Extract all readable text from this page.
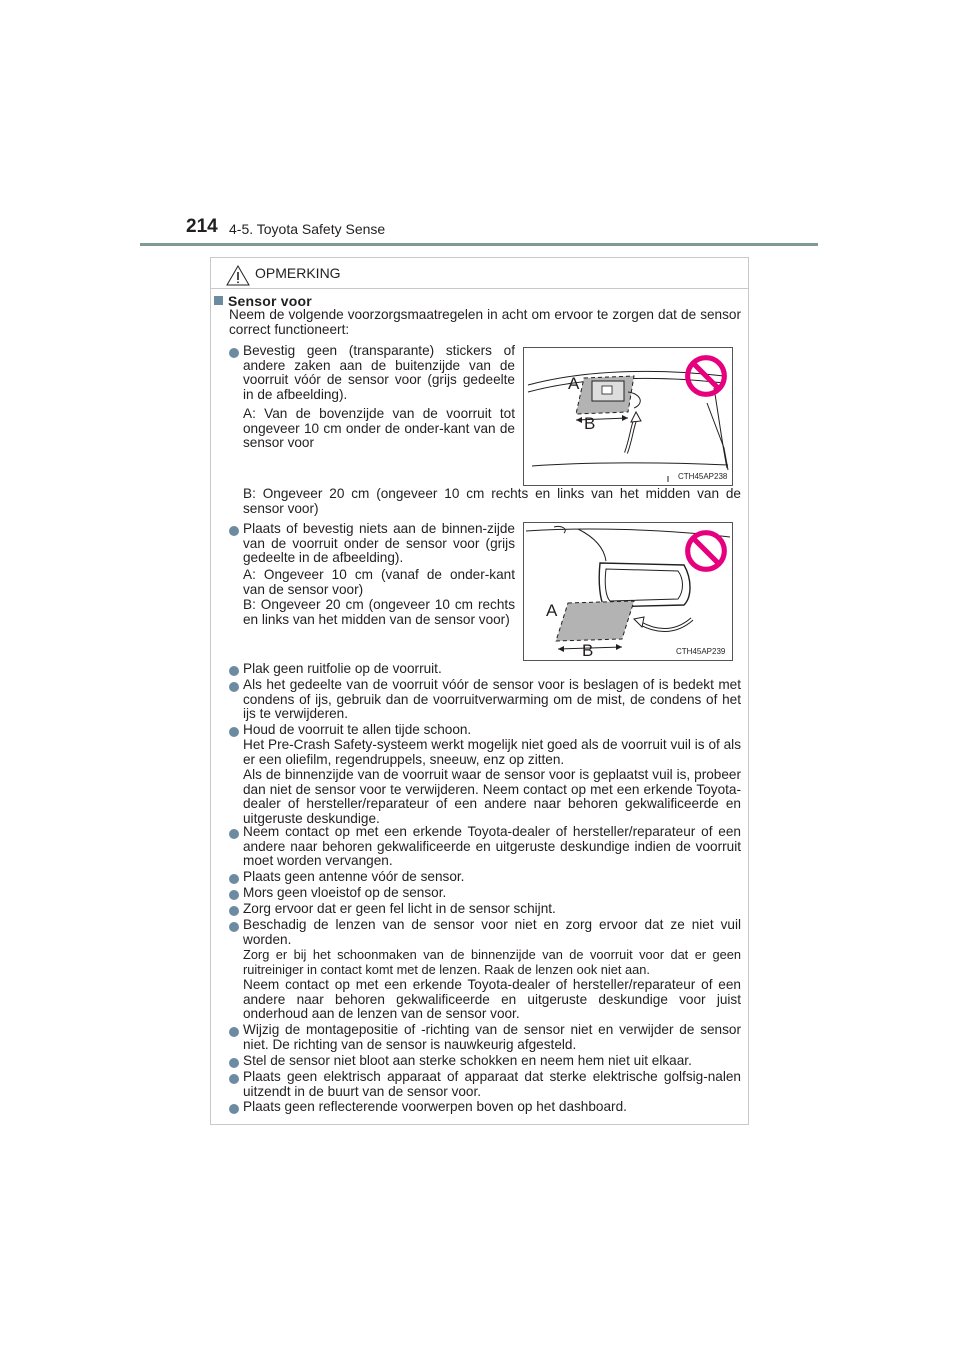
214 4-5. Toyota Safety Sense
OPMERKING
Sensor voor
Neem de volgende voorzorgsmaatregelen in acht om ervoor te zorgen dat de sensor correct functioneert:
Bevestig geen (transparante) stickers of andere zaken aan de buitenzijde van de voorruit vóór de sensor voor (grijs gedeelte in de afbeelding).
A: Van de bovenzijde van de voorruit tot ongeveer 10 cm onder de onder-kant van de sensor voor
A
B
CTH45AP238
B: Ongeveer 20 cm (ongeveer 10 cm rechts en links van het midden van de sensor voor)
Plaats of bevestig niets aan de binnen-zijde van de voorruit onder de sensor voor (grijs gedeelte in de afbeelding).
A: Ongeveer 10 cm (vanaf de onder-kant van de sensor voor)
B: Ongeveer 20 cm (ongeveer 10 cm rechts en links van het midden van de sensor voor)	A
B	CTH45AP239
Plak geen ruitfolie op de voorruit.
Als het gedeelte van de voorruit vóór de sensor voor is beslagen of is bedekt met condens of ijs, gebruik dan de voorruitverwarming om de mist, de condens of het ijs te verwijderen.
Houd de voorruit te allen tijde schoon.
Het Pre-Crash Safety-systeem werkt mogelijk niet goed als de voorruit vuil is of als er een oliefilm, regendruppels, sneeuw, enz op zitten.
Als de binnenzijde van de voorruit waar de sensor voor is geplaatst vuil is, probeer dan niet de sensor voor te verwijderen. Neem contact op met een erkende Toyota-dealer of hersteller/reparateur of een andere naar behoren gekwalificeerde en uitgeruste deskundige.
Neem contact op met een erkende Toyota-dealer of hersteller/reparateur of een andere naar behoren gekwalificeerde en uitgeruste deskundige indien de voorruit moet worden vervangen.
Plaats geen antenne vóór de sensor.
Mors geen vloeistof op de sensor.
Zorg ervoor dat er geen fel licht in de sensor schijnt.
Beschadig de lenzen van de sensor voor niet en zorg ervoor dat ze niet vuil worden.
Zorg er bij het schoonmaken van de binnenzijde van de voorruit voor dat er geen ruitreiniger in contact komt met de lenzen. Raak de lenzen ook niet aan.
Neem contact op met een erkende Toyota-dealer of hersteller/reparateur of een andere naar behoren gekwalificeerde en uitgeruste deskundige voor juist onderhoud aan de lenzen van de sensor voor.
Wijzig de montagepositie of -richting van de sensor niet en verwijder de sensor niet. De richting van de sensor is nauwkeurig afgesteld.
Stel de sensor niet bloot aan sterke schokken en neem hem niet uit elkaar.
Plaats geen elektrisch apparaat of apparaat dat sterke elektrische golfsig-nalen uitzendt in de buurt van de sensor voor.
Plaats geen reflecterende voorwerpen boven op het dashboard.
